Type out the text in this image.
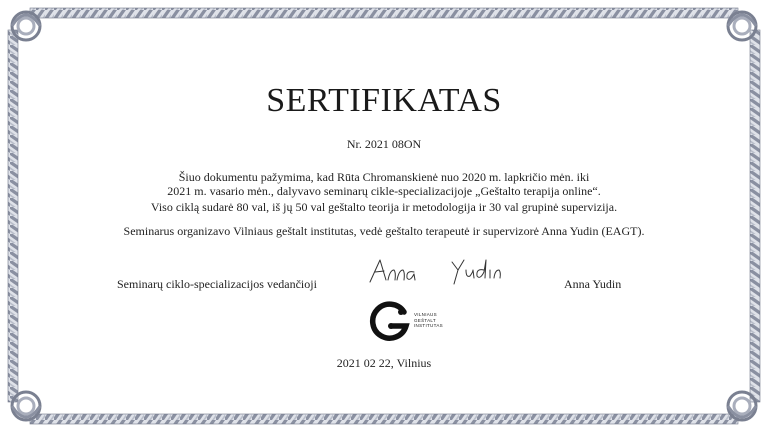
SERTIFIKATAS
Nr. 2021 08ON
Šiuo dokumentu pažymima, kad Rūta Chromanskienė nuo 2020 m. lapkričio mėn. iki
2021 m. vasario mėn., dalyvavo seminarų cikle-specializacijoje „Geštalto terapija online“.
Viso ciklą sudarė 80 val, iš jų 50 val geštalto teorija ir metodologija ir 30 val grupinė supervizija.
Seminarus organizavo Vilniaus geštalt institutas, vedė geštalto terapeutė ir supervizorė Anna Yudin (EAGT).
Seminarų ciklo-specializacijos vedančioji	Anna Yudin
VILNIAUS
GEŠTALT
INSTITUTAS
2021 02 22, Vilnius
